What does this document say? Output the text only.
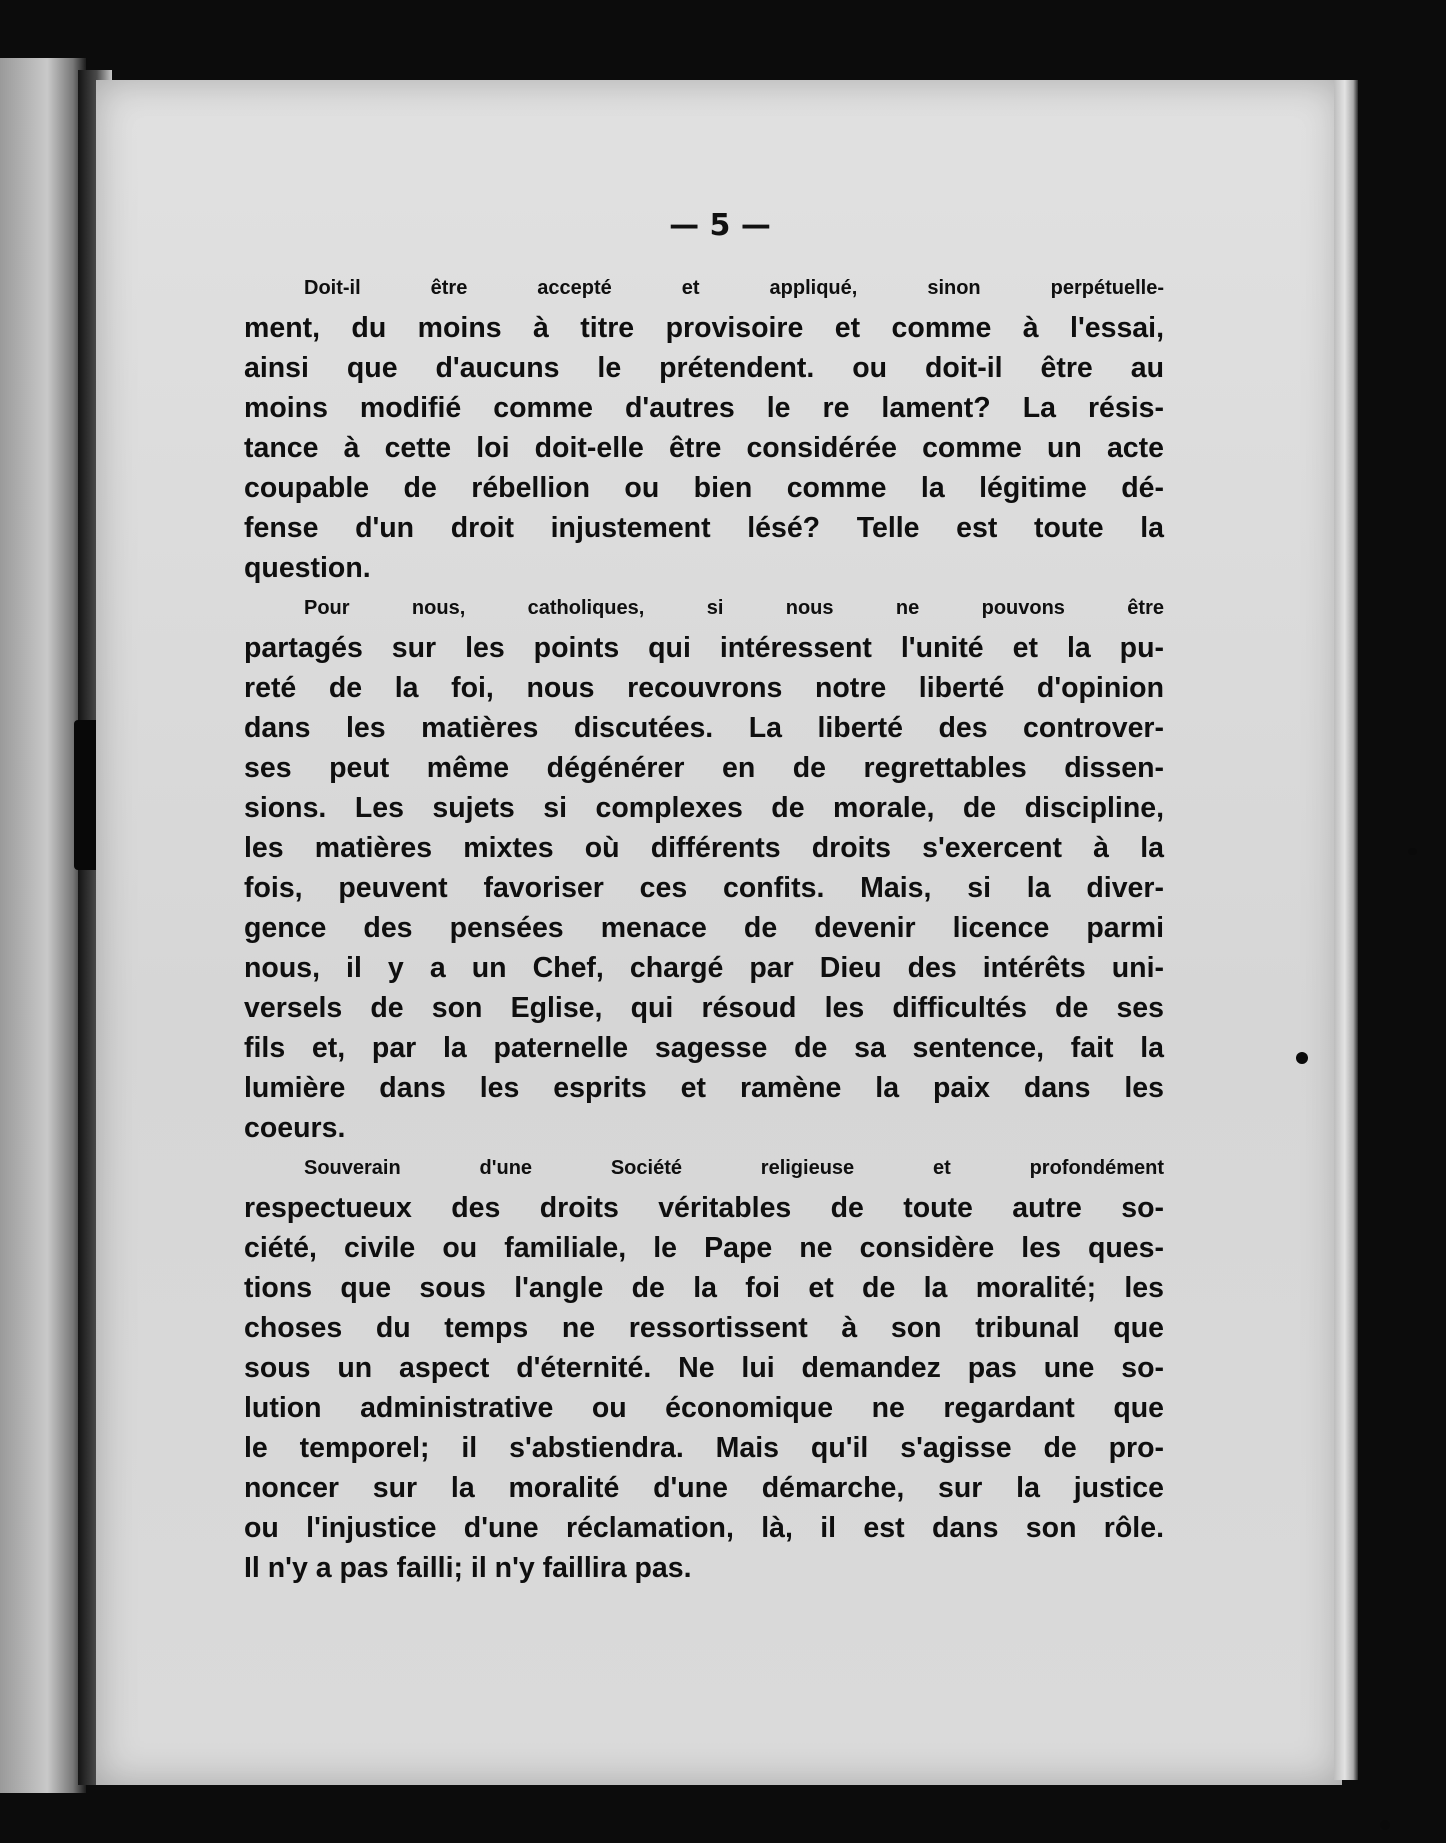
— 5 —

Doit-il être accepté et appliqué, sinon perpétuelle-
ment, du moins à titre provisoire et comme à l'essai,
ainsi que d'aucuns le prétendent. ou doit-il être au
moins modifié comme d'autres le re lament? La résis-
tance à cette loi doit-elle être considérée comme un acte
coupable de rébellion ou bien comme la légitime dé-
fense d'un droit injustement lésé? Telle est toute la
question.

Pour nous, catholiques, si nous ne pouvons être
partagés sur les points qui intéressent l'unité et la pu-
reté de la foi, nous recouvrons notre liberté d'opinion
dans les matières discutées. La liberté des controver-
ses peut même dégénérer en de regrettables dissen-
sions. Les sujets si complexes de morale, de discipline,
les matières mixtes où différents droits s'exercent à la
fois, peuvent favoriser ces confits. Mais, si la diver-
gence des pensées menace de devenir licence parmi
nous, il y a un Chef, chargé par Dieu des intérêts uni-
versels de son Eglise, qui résoud les difficultés de ses
fils et, par la paternelle sagesse de sa sentence, fait la
lumière dans les esprits et ramène la paix dans les
coeurs.

Souverain d'une Société religieuse et profondément
respectueux des droits véritables de toute autre so-
ciété, civile ou familiale, le Pape ne considère les ques-
tions que sous l'angle de la foi et de la moralité; les
choses du temps ne ressortissent à son tribunal que
sous un aspect d'éternité. Ne lui demandez pas une so-
lution administrative ou économique ne regardant que
le temporel; il s'abstiendra. Mais qu'il s'agisse de pro-
noncer sur la moralité d'une démarche, sur la justice
ou l'injustice d'une réclamation, là, il est dans son rôle.
Il n'y a pas failli; il n'y faillira pas.
